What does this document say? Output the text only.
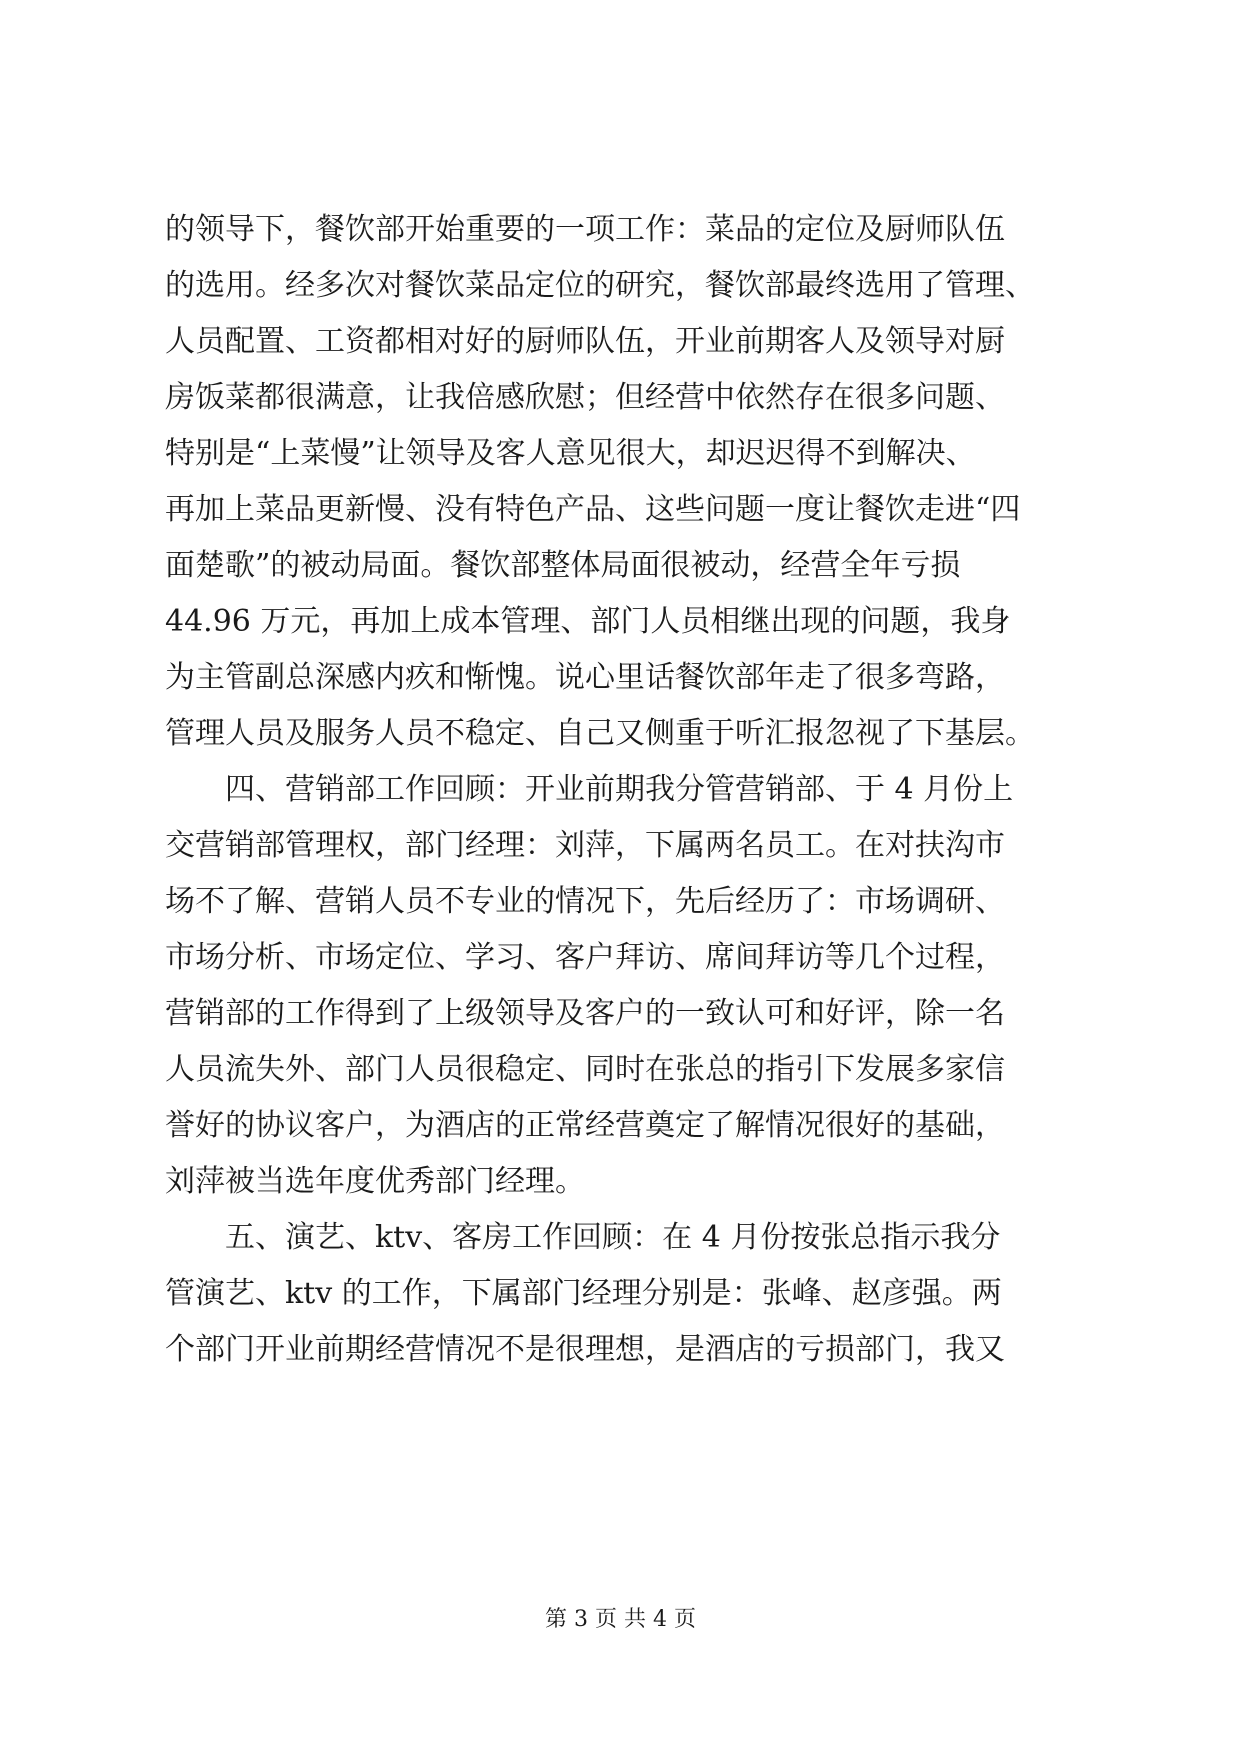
的领导下，餐饮部开始重要的一项工作：菜品的定位及厨师队伍
的选用。经多次对餐饮菜品定位的研究，餐饮部最终选用了管理、
人员配置、工资都相对好的厨师队伍，开业前期客人及领导对厨
房饭菜都很满意，让我倍感欣慰；但经营中依然存在很多问题、
特别是“上菜慢”让领导及客人意见很大，却迟迟得不到解决、
再加上菜品更新慢、没有特色产品、这些问题一度让餐饮走进“四
面楚歌”的被动局面。餐饮部整体局面很被动，经营全年亏损
44.96 万元，再加上成本管理、部门人员相继出现的问题，我身
为主管副总深感内疚和惭愧。说心里话餐饮部年走了很多弯路，
管理人员及服务人员不稳定、自己又侧重于听汇报忽视了下基层。
四、营销部工作回顾：开业前期我分管营销部、于 4 月份上
交营销部管理权，部门经理：刘萍，下属两名员工。在对扶沟市
场不了解、营销人员不专业的情况下，先后经历了：市场调研、
市场分析、市场定位、学习、客户拜访、席间拜访等几个过程，
营销部的工作得到了上级领导及客户的一致认可和好评，除一名
人员流失外、部门人员很稳定、同时在张总的指引下发展多家信
誉好的协议客户，为酒店的正常经营奠定了解情况很好的基础，
刘萍被当选年度优秀部门经理。
五、演艺、ktv、客房工作回顾：在 4 月份按张总指示我分
管演艺、ktv 的工作，下属部门经理分别是：张峰、赵彦强。两
个部门开业前期经营情况不是很理想，是酒店的亏损部门，我又
第 3 页 共 4 页
